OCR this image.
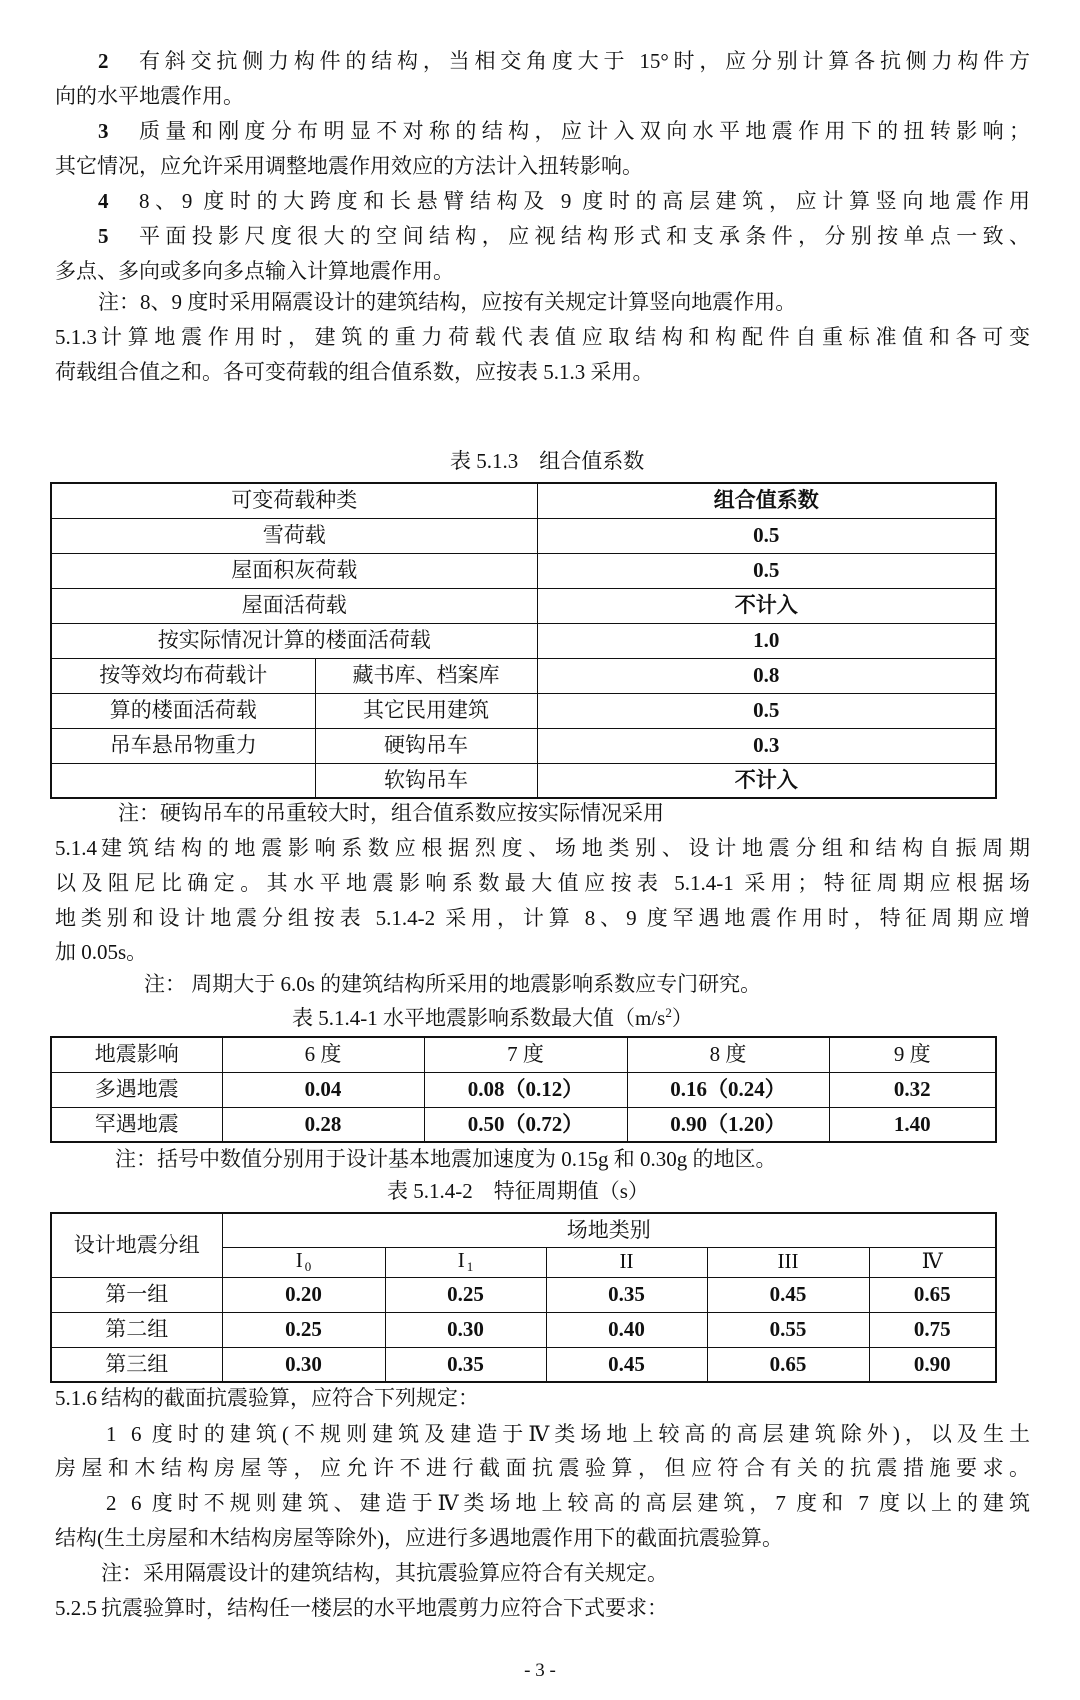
2	有斜交抗侧力构件的结构，当相交角度大于 15°时，应分别计算各抗侧力构件方
向的水平地震作用。
3	质量和刚度分布明显不对称的结构，应计入双向水平地震作用下的扭转影响；
其它情况，应允许采用调整地震作用效应的方法计入扭转影响。
4	8、9 度时的大跨度和长悬臂结构及 9 度时的高层建筑，应计算竖向地震作用
5	平面投影尺度很大的空间结构，应视结构形式和支承条件，分别按单点一致、
多点、多向或多向多点输入计算地震作用。
注：8、9 度时采用隔震设计的建筑结构，应按有关规定计算竖向地震作用。
5.1.3 计算地震作用时，建筑的重力荷载代表值应取结构和构配件自重标准值和各可变
荷载组合值之和。各可变荷载的组合值系数，应按表 5.1.3 采用。
表 5.1.3　组合值系数
可变荷载种类		组合值系数
雪荷载		0.5
屋面积灰荷载		0.5
屋面活荷载		不计入
按实际情况计算的楼面活荷载		1.0
按等效均布荷载计	藏书库、档案库	0.8
算的楼面活荷载	其它民用建筑	0.5
吊车悬吊物重力	硬钩吊车	0.3
	软钩吊车	不计入
注：硬钩吊车的吊重较大时，组合值系数应按实际情况采用
5.1.4 建筑结构的地震影响系数应根据烈度、场地类别、设计地震分组和结构自振周期
以及阻尼比确定。其水平地震影响系数最大值应按表 5.1.4-1 采用；特征周期应根据场
地类别和设计地震分组按表 5.1.4-2 采用，计算 8、9 度罕遇地震作用时，特征周期应增
加 0.05s。
注： 周期大于 6.0s 的建筑结构所采用的地震影响系数应专门研究。
表 5.1.4-1 水平地震影响系数最大值$(m/s^2)$
地震影响	6 度	7 度	8 度	9 度
多遇地震	0.04	0.08（0.12）	0.16（0.24）	0.32
罕遇地震	0.28	0.50（0.72）	0.90（1.20）	1.40
注：括号中数值分别用于设计基本地震加速度为 0.15g 和 0.30g 的地区。
表 5.1.4-2　特征周期值（s）
设计地震分组	场地类别				
	I 0	I 1	II	III	Ⅳ
第一组	0.20	0.25	0.35	0.45	0.65
第二组	0.25	0.30	0.40	0.55	0.75
第三组	0.30	0.35	0.45	0.65	0.90
5.1.6 结构的截面抗震验算，应符合下列规定：
1 6 度时的建筑(不规则建筑及建造于Ⅳ类场地上较高的高层建筑除外)，以及生土
房屋和木结构房屋等，应允许不进行截面抗震验算，但应符合有关的抗震措施要求。
2 6 度时不规则建筑、建造于Ⅳ类场地上较高的高层建筑，7 度和 7 度以上的建筑
结构(生土房屋和木结构房屋等除外)，应进行多遇地震作用下的截面抗震验算。
注：采用隔震设计的建筑结构，其抗震验算应符合有关规定。
5.2.5 抗震验算时，结构任一楼层的水平地震剪力应符合下式要求：
- 3 -
